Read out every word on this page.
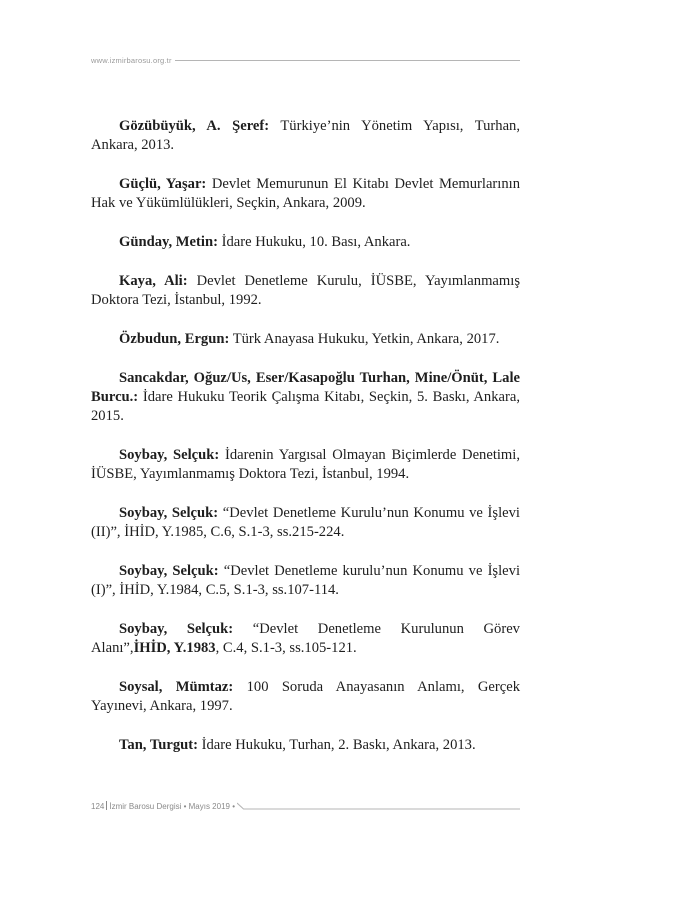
www.izmirbarosu.org.tr

Gözübüyük, A. Şeref: Türkiye’nin Yönetim Yapısı, Turhan, Ankara, 2013.

Güçlü, Yaşar: Devlet Memurunun El Kitabı Devlet Memurlarının Hak ve Yükümlülükleri, Seçkin, Ankara, 2009.

Günday, Metin: İdare Hukuku, 10. Bası, Ankara.

Kaya, Ali: Devlet Denetleme Kurulu, İÜSBE, Yayımlanmamış Doktora Tezi, İstanbul, 1992.

Özbudun, Ergun: Türk Anayasa Hukuku, Yetkin, Ankara, 2017.

Sancakdar, Oğuz/Us, Eser/Kasapoğlu Turhan, Mine/Önüt, Lale Burcu.: İdare Hukuku Teorik Çalışma Kitabı, Seçkin, 5. Baskı, Ankara, 2015.

Soybay, Selçuk: İdarenin Yargısal Olmayan Biçimlerde Denetimi, İÜSBE, Yayımlanmamış Doktora Tezi, İstanbul, 1994.

Soybay, Selçuk: “Devlet Denetleme Kurulu’nun Konumu ve İşlevi (II)”, İHİD, Y.1985, C.6, S.1-3, ss.215-224.

Soybay, Selçuk: “Devlet Denetleme kurulu’nun Konumu ve İşlevi (I)”, İHİD, Y.1984, C.5, S.1-3, ss.107-114.

Soybay, Selçuk: “Devlet Denetleme Kurulunun Görev Alanı”,İHİD, Y.1983, C.4, S.1-3, ss.105-121.

Soysal, Mümtaz: 100 Soruda Anayasanın Anlamı, Gerçek Yayınevi, Ankara, 1997.

Tan, Turgut: İdare Hukuku, Turhan, 2. Baskı, Ankara, 2013.

124 İzmir Barosu Dergisi • Mayıs 2019 •
